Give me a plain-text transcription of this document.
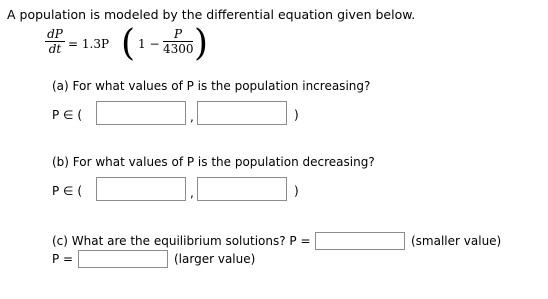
A population is modeled by the differential equation given below.
dP
dt = 1.3P ( 1 −
P
4300 )
(a) For what values of P is the population increasing?
P ∈ (	,	)
(b) For what values of P is the population decreasing?
P ∈ (	,	)
(c) What are the equilibrium solutions? P =	(smaller value)
P =	(larger value)
